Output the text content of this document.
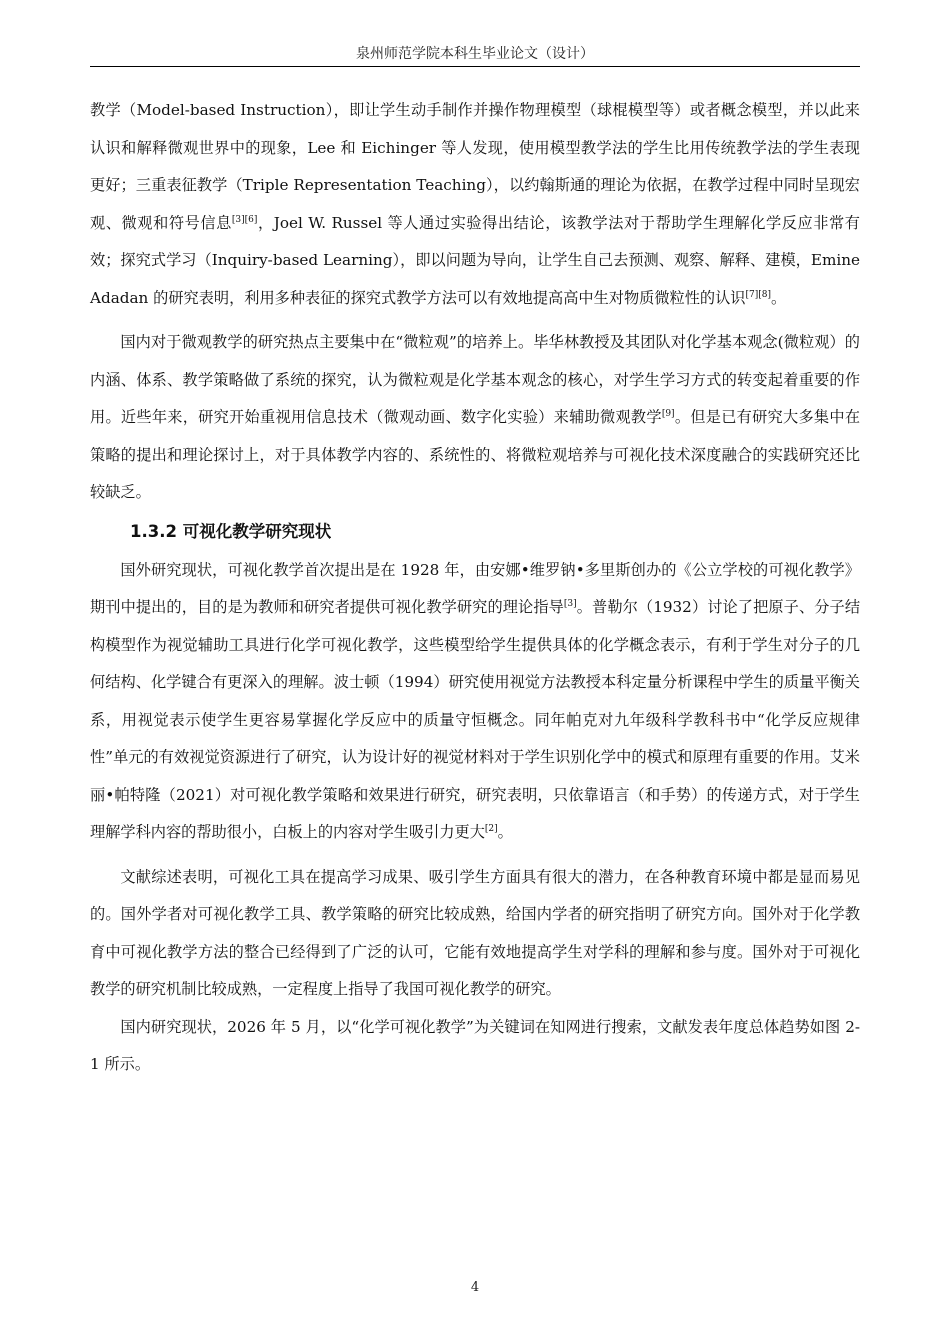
泉州师范学院本科生毕业论文（设计）

教学（Model-based Instruction），即让学生动手制作并操作物理模型（球棍模型等）或者概念模型，并以此来认识和解释微观世界中的现象，Lee 和 Eichinger 等人发现，使用模型教学法的学生比用传统教学法的学生表现更好；三重表征教学（Triple Representation Teaching），以约翰斯通的理论为依据，在教学过程中同时呈现宏观、微观和符号信息[3][6]，Joel W. Russel 等人通过实验得出结论，该教学法对于帮助学生理解化学反应非常有效；探究式学习（Inquiry-based Learning），即以问题为导向，让学生自己去预测、观察、解释、建模，Emine Adadan 的研究表明，利用多种表征的探究式教学方法可以有效地提高高中生对物质微粒性的认识[7][8]。

国内对于微观教学的研究热点主要集中在“微粒观”的培养上。毕华林教授及其团队对化学基本观念(微粒观）的内涵、体系、教学策略做了系统的探究，认为微粒观是化学基本观念的核心，对学生学习方式的转变起着重要的作用。近些年来，研究开始重视用信息技术（微观动画、数字化实验）来辅助微观教学[9]。但是已有研究大多集中在策略的提出和理论探讨上，对于具体教学内容的、系统性的、将微粒观培养与可视化技术深度融合的实践研究还比较缺乏。

1.3.2 可视化教学研究现状

国外研究现状，可视化教学首次提出是在 1928 年，由安娜•维罗钠•多里斯创办的《公立学校的可视化教学》期刊中提出的，目的是为教师和研究者提供可视化教学研究的理论指导[3]。普勒尔（1932）讨论了把原子、分子结构模型作为视觉辅助工具进行化学可视化教学，这些模型给学生提供具体的化学概念表示，有利于学生对分子的几何结构、化学键合有更深入的理解。波士顿（1994）研究使用视觉方法教授本科定量分析课程中学生的质量平衡关系，用视觉表示使学生更容易掌握化学反应中的质量守恒概念。同年帕克对九年级科学教科书中“化学反应规律性”单元的有效视觉资源进行了研究，认为设计好的视觉材料对于学生识别化学中的模式和原理有重要的作用。艾米丽•帕特隆（2021）对可视化教学策略和效果进行研究，研究表明，只依靠语言（和手势）的传递方式，对于学生理解学科内容的帮助很小，白板上的内容对学生吸引力更大[2]。

文献综述表明，可视化工具在提高学习成果、吸引学生方面具有很大的潜力，在各种教育环境中都是显而易见的。国外学者对可视化教学工具、教学策略的研究比较成熟，给国内学者的研究指明了研究方向。国外对于化学教育中可视化教学方法的整合已经得到了广泛的认可，它能有效地提高学生对学科的理解和参与度。国外对于可视化教学的研究机制比较成熟，一定程度上指导了我国可视化教学的研究。

国内研究现状，2026 年 5 月，以“化学可视化教学”为关键词在知网进行搜索，文献发表年度总体趋势如图 2-1 所示。

4
